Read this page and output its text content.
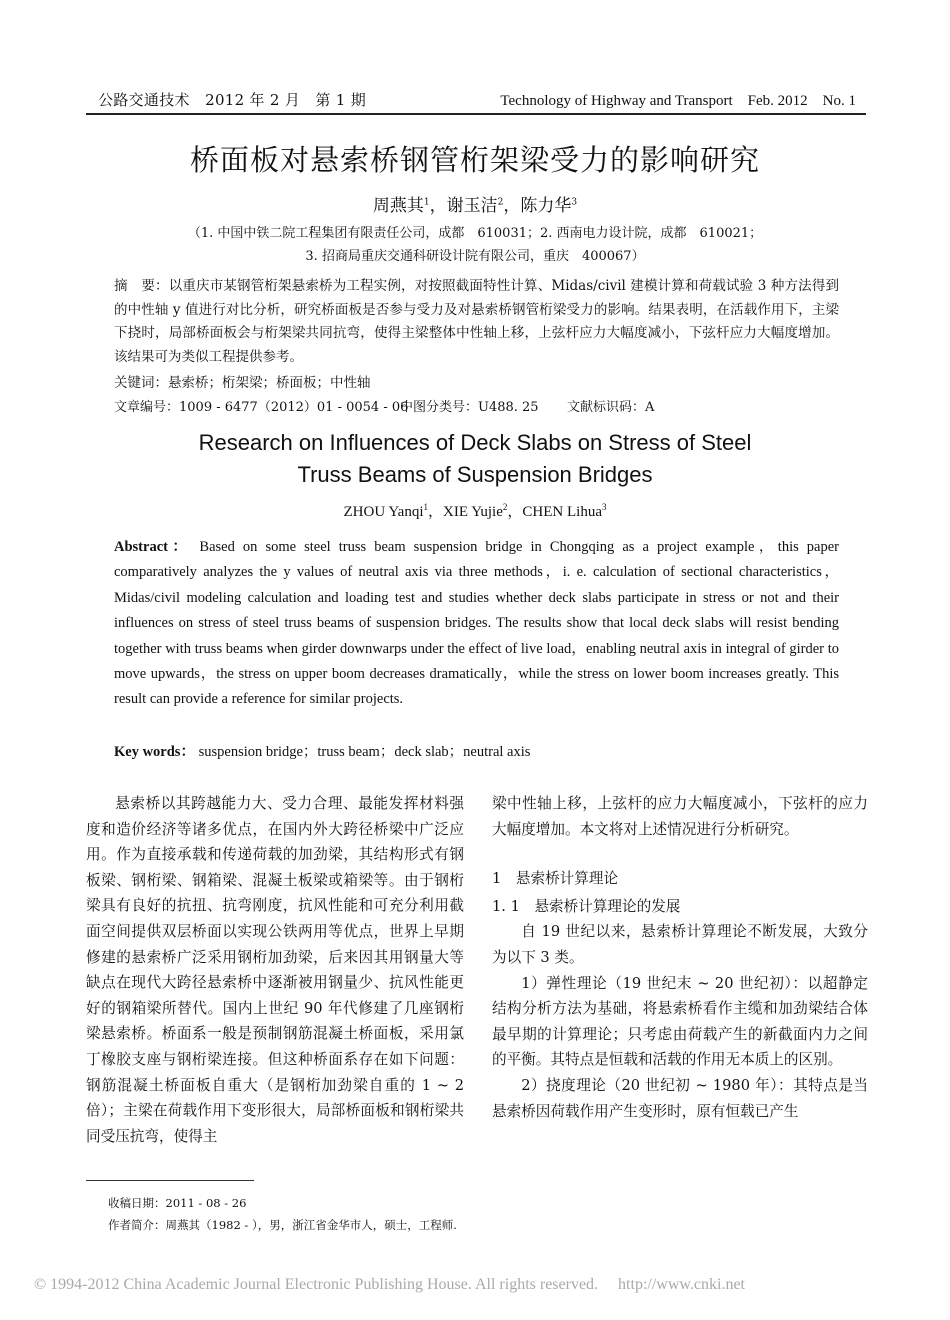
公路交通技术　2012 年 2 月　第 1 期	Technology of Highway and Transport　Feb. 2012　No. 1
桥面板对悬索桥钢管桁架梁受力的影响研究
周燕其$^1$，谢玉洁$^2$，陈力华$^3$
（1. 中国中铁二院工程集团有限责任公司，成都　610031；2. 西南电力设计院，成都　610021；
3. 招商局重庆交通科研设计院有限公司，重庆　400067）
摘　要：以重庆市某钢管桁架悬索桥为工程实例，对按照截面特性计算、Midas/civil 建模计算和荷载试验 3 种方法得到的中性轴 y 值进行对比分析，研究桥面板是否参与受力及对悬索桥钢管桁梁受力的影响。结果表明，在活载作用下，主梁下挠时，局部桥面板会与桁架梁共同抗弯，使得主梁整体中性轴上移，上弦杆应力大幅度减小，下弦杆应力大幅度增加。该结果可为类似工程提供参考。
关键词：悬索桥；桁架梁；桥面板；中性轴
文章编号：1009 - 6477（2012）01 - 0054 - 06
中图分类号：U488. 25 文献标识码：A
Research on Influences of Deck Slabs on Stress of Steel
Truss Beams of Suspension Bridges
ZHOU Yanqi$^1$，XIE Yujie$^2$，CHEN Lihua$^3$
Abstract： Based on some steel truss beam suspension bridge in Chongqing as a project example，this paper comparatively analyzes the y values of neutral axis via three methods，i. e. calculation of sectional characteristics，Midas/civil modeling calculation and loading test and studies whether deck slabs participate in stress or not and their influences on stress of steel truss beams of suspension bridges. The results show that local deck slabs will resist bending together with truss beams when girder downwarps under the effect of live load，enabling neutral axis in integral of girder to move upwards，the stress on upper boom decreases dramatically，while the stress on lower boom increases greatly. This result can provide a reference for similar projects.
Key words： suspension bridge；truss beam；deck slab；neutral axis

悬索桥以其跨越能力大、受力合理、最能发挥材料强度和造价经济等诸多优点，在国内外大跨径桥梁中广泛应用。作为直接承载和传递荷载的加劲梁，其结构形式有钢板梁、钢桁梁、钢箱梁、混凝土板梁或箱梁等。由于钢桁梁具有良好的抗扭、抗弯刚度，抗风性能和可充分利用截面空间提供双层桥面以实现公铁两用等优点，世界上早期修建的悬索桥广泛采用钢桁加劲梁，后来因其用钢量大等缺点在现代大跨径悬索桥中逐渐被用钢量少、抗风性能更好的钢箱梁所替代。国内上世纪 90 年代修建了几座钢桁梁悬索桥。桥面系一般是预制钢筋混凝土桥面板，采用氯丁橡胶支座与钢桁梁连接。但这种桥面系存在如下问题：钢筋混凝土桥面板自重大（是钢桁加劲梁自重的 1 ~ 2 倍）；主梁在荷载作用下变形很大，局部桥面板和钢桁梁共同受压抗弯，使得主

梁中性轴上移，上弦杆的应力大幅度减小，下弦杆的应力大幅度增加。本文将对上述情况进行分析研究。

1　悬索桥计算理论

1. 1　悬索桥计算理论的发展

自 19 世纪以来，悬索桥计算理论不断发展，大致分为以下 3 类。

1）弹性理论（19 世纪末 ~ 20 世纪初）：以超静定结构分析方法为基础，将悬索桥看作主缆和加劲梁结合体最早期的计算理论；只考虑由荷载产生的新截面内力之间的平衡。其特点是恒载和活载的作用无本质上的区别。

2）挠度理论（20 世纪初 ~ 1980 年）：其特点是当悬索桥因荷载作用产生变形时，原有恒载已产生

收稿日期：2011 - 08 - 26
作者简介：周燕其（1982 - ），男，浙江省金华市人，硕士，工程师.
© 1994-2012 China Academic Journal Electronic Publishing House. All rights reserved.　 http://www.cnki.net
